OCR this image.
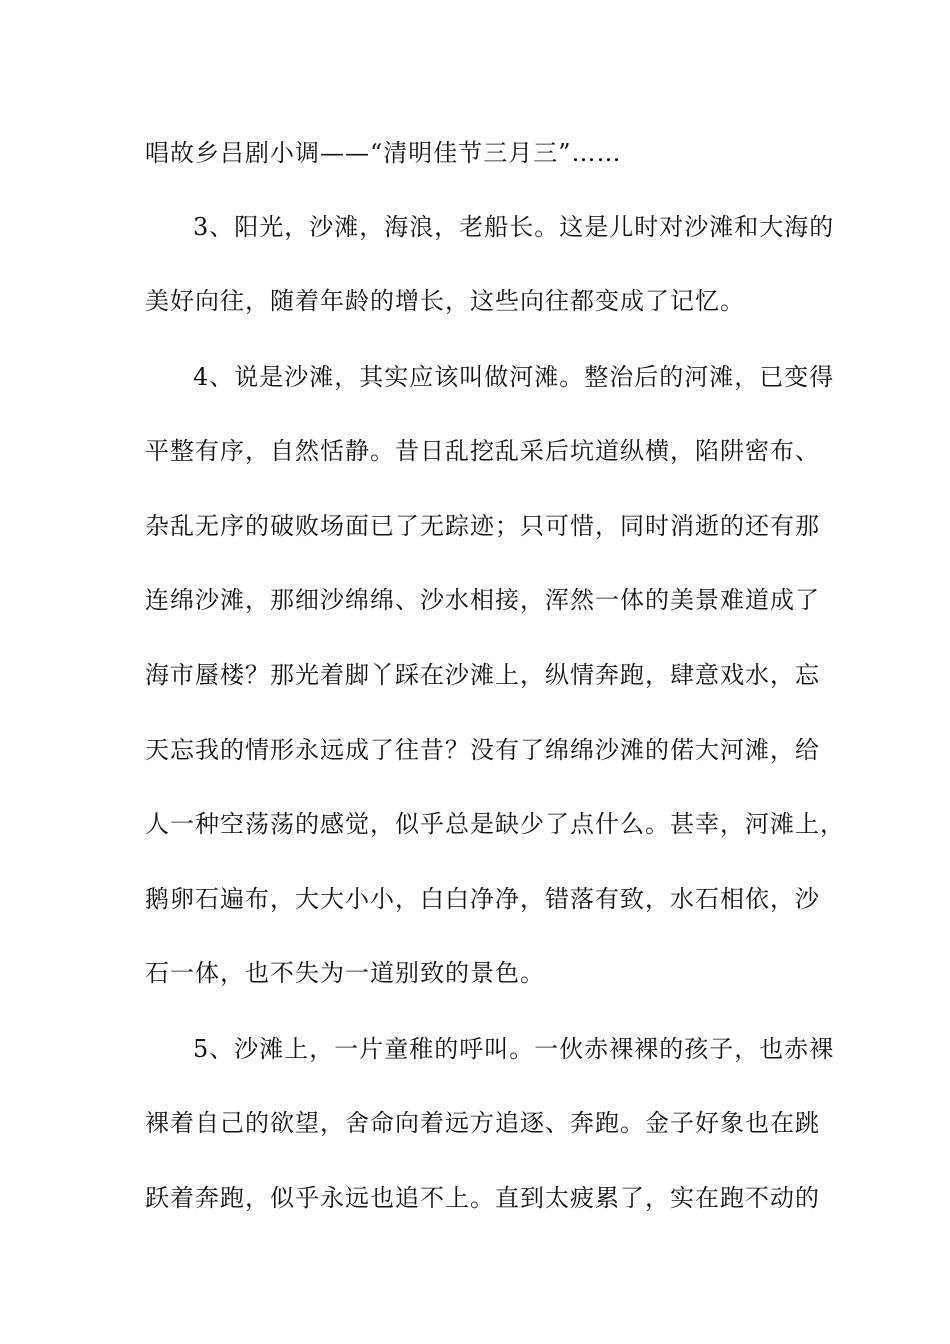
唱故乡吕剧小调——“清明佳节三月三”……
3、阳光，沙滩，海浪，老船长。这是儿时对沙滩和大海的
美好向往，随着年龄的增长，这些向往都变成了记忆。
4、说是沙滩，其实应该叫做河滩。整治后的河滩，已变得
平整有序，自然恬静。昔日乱挖乱采后坑道纵横，陷阱密布、
杂乱无序的破败场面已了无踪迹；只可惜，同时消逝的还有那
连绵沙滩，那细沙绵绵、沙水相接，浑然一体的美景难道成了
海市蜃楼？那光着脚丫踩在沙滩上，纵情奔跑，肆意戏水，忘
天忘我的情形永远成了往昔？没有了绵绵沙滩的偌大河滩，给
人一种空荡荡的感觉，似乎总是缺少了点什么。甚幸，河滩上，
鹅卵石遍布，大大小小，白白净净，错落有致，水石相依，沙
石一体，也不失为一道别致的景色。
5、沙滩上，一片童稚的呼叫。一伙赤裸裸的孩子，也赤裸
裸着自己的欲望，舍命向着远方追逐、奔跑。金子好象也在跳
跃着奔跑，似乎永远也追不上。直到太疲累了，实在跑不动的
